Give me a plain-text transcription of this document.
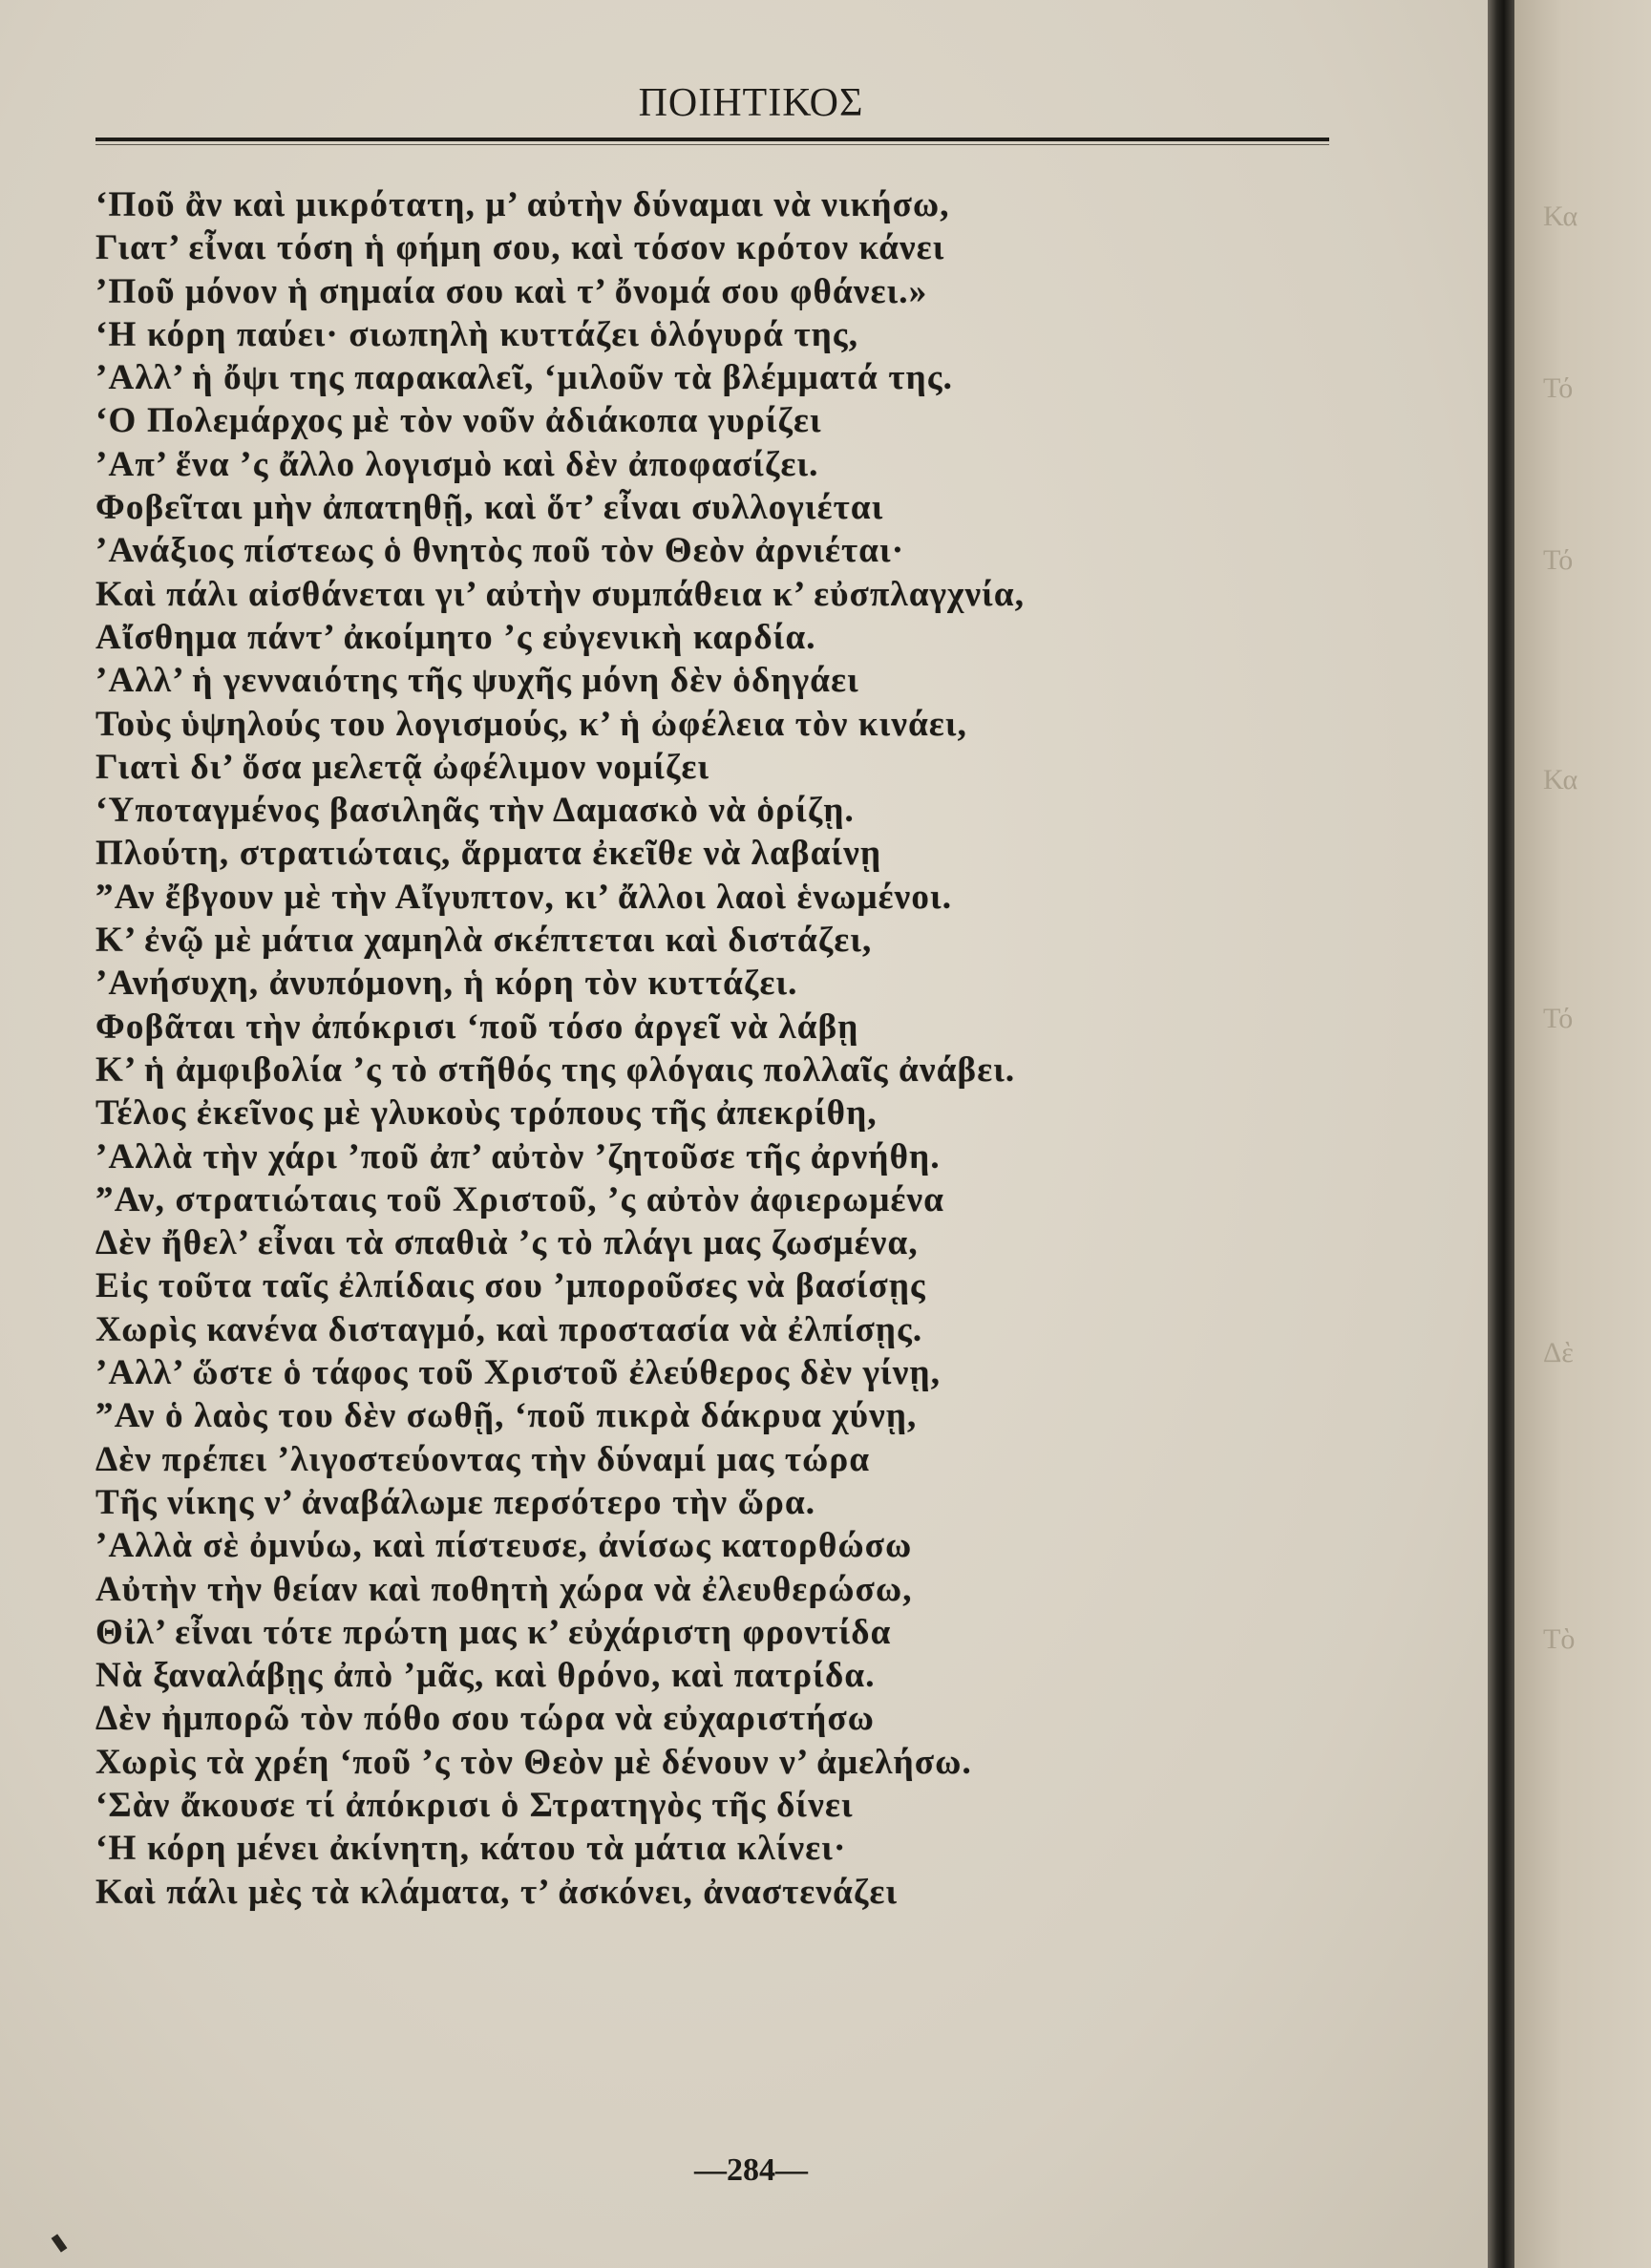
ΠΟΙΗΤΙΚΟΣ
‘Ποῦ ἂν καὶ μικρότατη, μ’ αὐτὴν δύναμαι νὰ νικήσω,
Γιατ’ εἶναι τόση ἡ φήμη σου, καὶ τόσον κρότον κάνει
’Ποῦ μόνον ἡ σημαία σου καὶ τ’ ὄνομά σου φθάνει.»
‘Η κόρη παύει· σιωπηλὴ κυττάζει ὁλόγυρά της,
’Αλλ’ ἡ ὄψι της παρακαλεῖ, ‘μιλοῦν τὰ βλέμματά της.
‘Ο Πολεμάρχος μὲ τὸν νοῦν ἀδιάκοπα γυρίζει
’Απ’ ἕνα ’ς ἄλλο λογισμὸ καὶ δὲν ἀποφασίζει.
Φοβεῖται μὴν ἀπατηθῇ, καὶ ὅτ’ εἶναι συλλογιέται
’Ανάξιος πίστεως ὁ θνητὸς ποῦ τὸν Θεὸν ἀρνιέται·
Καὶ πάλι αἰσθάνεται γι’ αὐτὴν συμπάθεια κ’ εὐσπλαγχνία,
Αἴσθημα πάντ’ ἀκοίμητο ’ς εὐγενικὴ καρδία.
’Αλλ’ ἡ γενναιότης τῆς ψυχῆς μόνη δὲν ὁδηγάει
Τοὺς ὑψηλούς του λογισμούς, κ’ ἡ ὠφέλεια τὸν κινάει,
Γιατὶ δι’ ὅσα μελετᾷ ὠφέλιμον νομίζει
‘Υποταγμένος βασιληᾶς τὴν Δαμασκὸ νὰ ὁρίζῃ.
Πλούτη, στρατιώταις, ἅρματα ἐκεῖθε νὰ λαβαίνῃ
”Αν ἔβγουν μὲ τὴν Αἴγυπτον, κι’ ἄλλοι λαοὶ ἑνωμένοι.
Κ’ ἐνῷ μὲ μάτια χαμηλὰ σκέπτεται καὶ διστάζει,
’Ανήσυχη, ἀνυπόμονη, ἡ κόρη τὸν κυττάζει.
Φοβᾶται τὴν ἀπόκρισι ‘ποῦ τόσο ἀργεῖ νὰ λάβῃ
Κ’ ἡ ἀμφιβολία ’ς τὸ στῆθός της φλόγαις πολλαῖς ἀνάβει.
Τέλος ἐκεῖνος μὲ γλυκοὺς τρόπους τῆς ἀπεκρίθη,
’Αλλὰ τὴν χάρι ’ποῦ ἀπ’ αὐτὸν ’ζητοῦσε τῆς ἀρνήθη.
”Αν, στρατιώταις τοῦ Χριστοῦ, ’ς αὐτὸν ἀφιερωμένα
Δὲν ἤθελ’ εἶναι τὰ σπαθιὰ ’ς τὸ πλάγι μας ζωσμένα,
Εἰς τοῦτα ταῖς ἐλπίδαις σου ’μποροῦσες νὰ βασίσῃς
Χωρὶς κανένα δισταγμό, καὶ προστασία νὰ ἐλπίσῃς.
’Αλλ’ ὥστε ὁ τάφος τοῦ Χριστοῦ ἐλεύθερος δὲν γίνῃ,
”Αν ὁ λαὸς του δὲν σωθῇ, ‘ποῦ πικρὰ δάκρυα χύνῃ,
Δὲν πρέπει ’λιγοστεύοντας τὴν δύναμί μας τώρα
Τῆς νίκης ν’ ἀναβάλωμε περσότερο τὴν ὥρα.
’Αλλὰ σὲ ὀμνύω, καὶ πίστευσε, ἀνίσως κατορθώσω
Αὐτὴν τὴν θείαν καὶ ποθητὴ χώρα νὰ ἐλευθερώσω,
Θἰλ’ εἶναι τότε πρώτη μας κ’ εὐχάριστη φροντίδα
Νὰ ξαναλάβῃς ἀπὸ ’μᾶς, καὶ θρόνο, καὶ πατρίδα.
Δὲν ἠμπορῶ τὸν πόθο σου τώρα νὰ εὐχαριστήσω
Χωρὶς τὰ χρέη ‘ποῦ ’ς τὸν Θεὸν μὲ δένουν ν’ ἀμελήσω.
‘Σὰν ἄκουσε τί ἀπόκρισι ὁ Στρατηγὸς τῆς δίνει
‘Η κόρη μένει ἀκίνητη, κάτου τὰ μάτια κλίνει·
Καὶ πάλι μὲς τὰ κλάματα, τ’ ἀσκόνει, ἀναστενάζει
—284—
Κα
Τό
Τό
Κα
Τό
Δὲ
Τὸ
